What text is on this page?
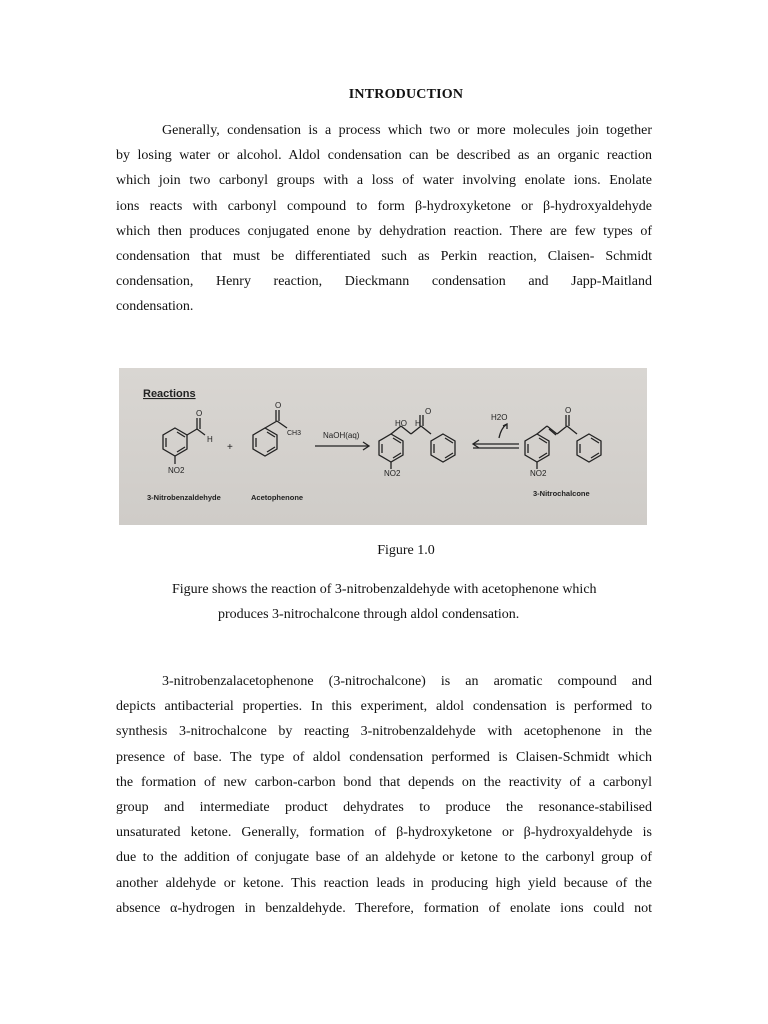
INTRODUCTION
Generally, condensation is a process which two or more molecules join together
by losing water or alcohol. Aldol condensation can be described as an organic reaction
which join two carbonyl groups with a loss of water involving enolate ions. Enolate
ions reacts with carbonyl compound to form β-hydroxyketone or β-hydroxyaldehyde
which then produces conjugated enone by dehydration reaction. There are few types of
condensation that must be differentiated such as Perkin reaction, Claisen- Schmidt
condensation, Henry reaction, Dieckmann condensation and Japp-Maitland
condensation.
Reactions
O
H
NO2
+
O
CH3	NaOH(aq)
HO H
O
NO2
H2O
O
NO2
3-Nitrobenzaldehyde	Acetophenone	3-Nitrochalcone
Figure 1.0
Figure shows the reaction of 3-nitrobenzaldehyde with acetophenone which
produces 3-nitrochalcone through aldol condensation.
3-nitrobenzalacetophenone (3-nitrochalcone) is an aromatic compound and
depicts antibacterial properties. In this experiment, aldol condensation is performed to
synthesis 3-nitrochalcone by reacting 3-nitrobenzaldehyde with acetophenone in the
presence of base. The type of aldol condensation performed is Claisen-Schmidt which
the formation of new carbon-carbon bond that depends on the reactivity of a carbonyl
group and intermediate product dehydrates to produce the resonance-stabilised
unsaturated ketone. Generally, formation of β-hydroxyketone or β-hydroxyaldehyde is
due to the addition of conjugate base of an aldehyde or ketone to the carbonyl group of
another aldehyde or ketone. This reaction leads in producing high yield because of the
absence α-hydrogen in benzaldehyde. Therefore, formation of enolate ions could not
